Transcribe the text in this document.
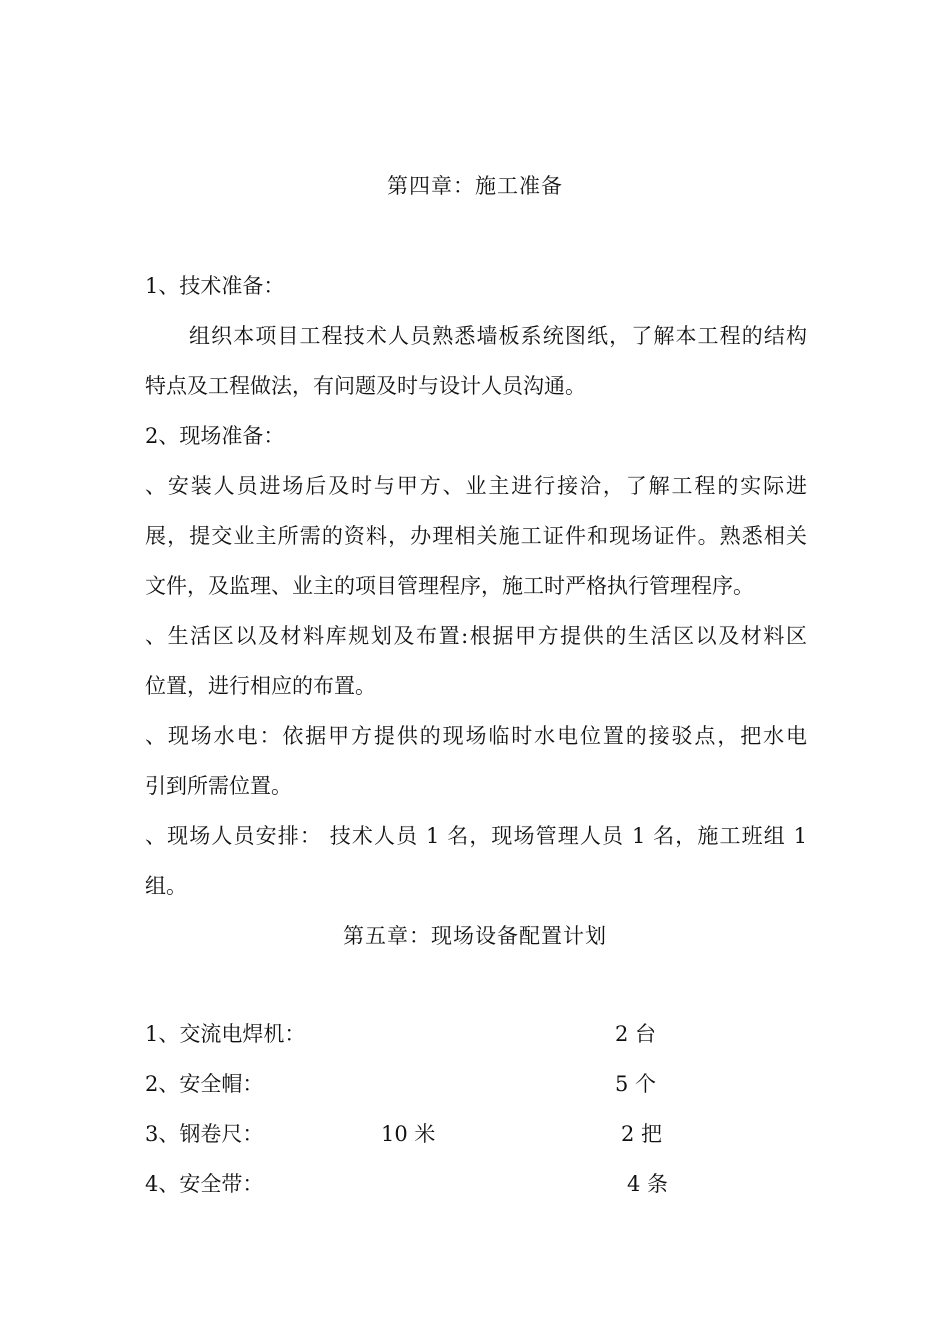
第四章：施工准备
1、技术准备：
组织本项目工程技术人员熟悉墙板系统图纸，了解本工程的结构
特点及工程做法，有问题及时与设计人员沟通。
2、现场准备：
、安装人员进场后及时与甲方、业主进行接洽，了解工程的实际进
展，提交业主所需的资料，办理相关施工证件和现场证件。熟悉相关
文件，及监理、业主的项目管理程序，施工时严格执行管理程序。
、生活区以及材料库规划及布置:根据甲方提供的生活区以及材料区
位置，进行相应的布置。
、现场水电：依据甲方提供的现场临时水电位置的接驳点，把水电
引到所需位置。
、现场人员安排： 技术人员 1 名，现场管理人员 1 名，施工班组 1
组。
第五章：现场设备配置计划
1、交流电焊机：	2 台
2、安全帽：	5 个
3、钢卷尺：	10 米	2 把
4、安全带：	4 条
